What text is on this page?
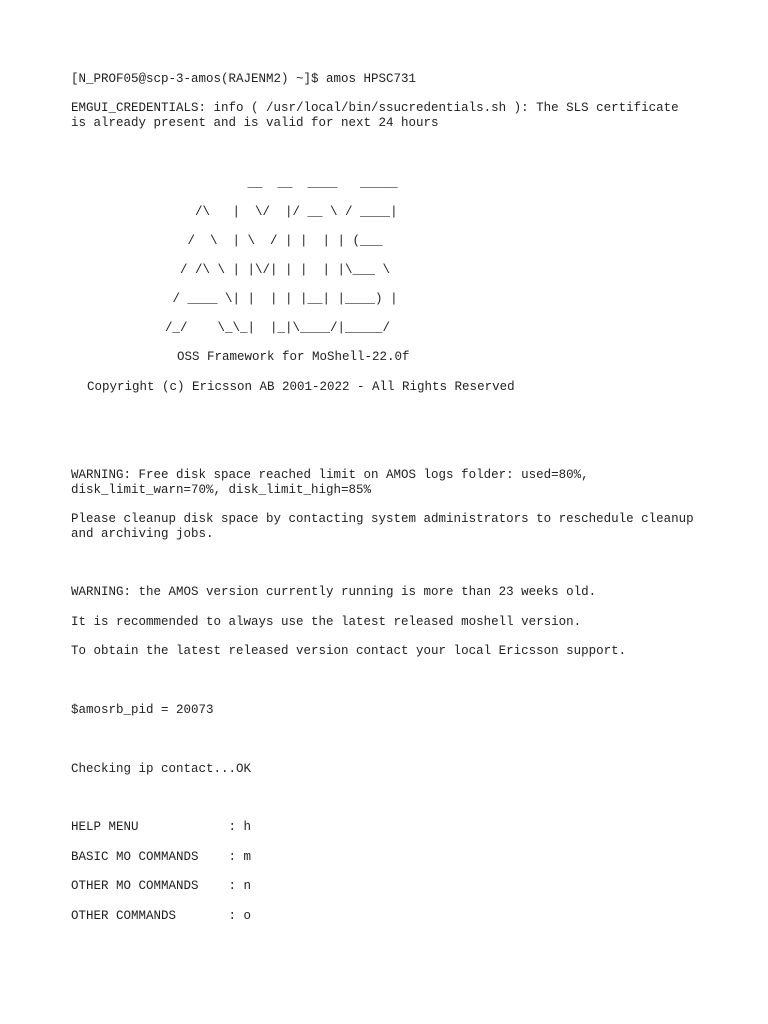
[N_PROF05@scp-3-amos(RAJENM2) ~]$ amos HPSC731
EMGUI_CREDENTIALS: info ( /usr/local/bin/ssucredentials.sh ): The SLS certificate
is already present and is valid for next 24 hours
__  __  ____   _____
/\   |  \/  |/ __ \ / ____|
/  \  | \  / | |  | | (___
/ /\ \ | |\/| | |  | |\___ \
/ ____ \| |  | | |__| |____) |
/_/    \_\_|  |_|\____/|_____/
OSS Framework for MoShell-22.0f
Copyright (c) Ericsson AB 2001-2022 - All Rights Reserved
WARNING: Free disk space reached limit on AMOS logs folder: used=80%,
disk_limit_warn=70%, disk_limit_high=85%
Please cleanup disk space by contacting system administrators to reschedule cleanup
and archiving jobs.
WARNING: the AMOS version currently running is more than 23 weeks old.
It is recommended to always use the latest released moshell version.
To obtain the latest released version contact your local Ericsson support.
$amosrb_pid = 20073
Checking ip contact...OK
HELP MENU            : h
BASIC MO COMMANDS    : m
OTHER MO COMMANDS    : n
OTHER COMMANDS       : o
